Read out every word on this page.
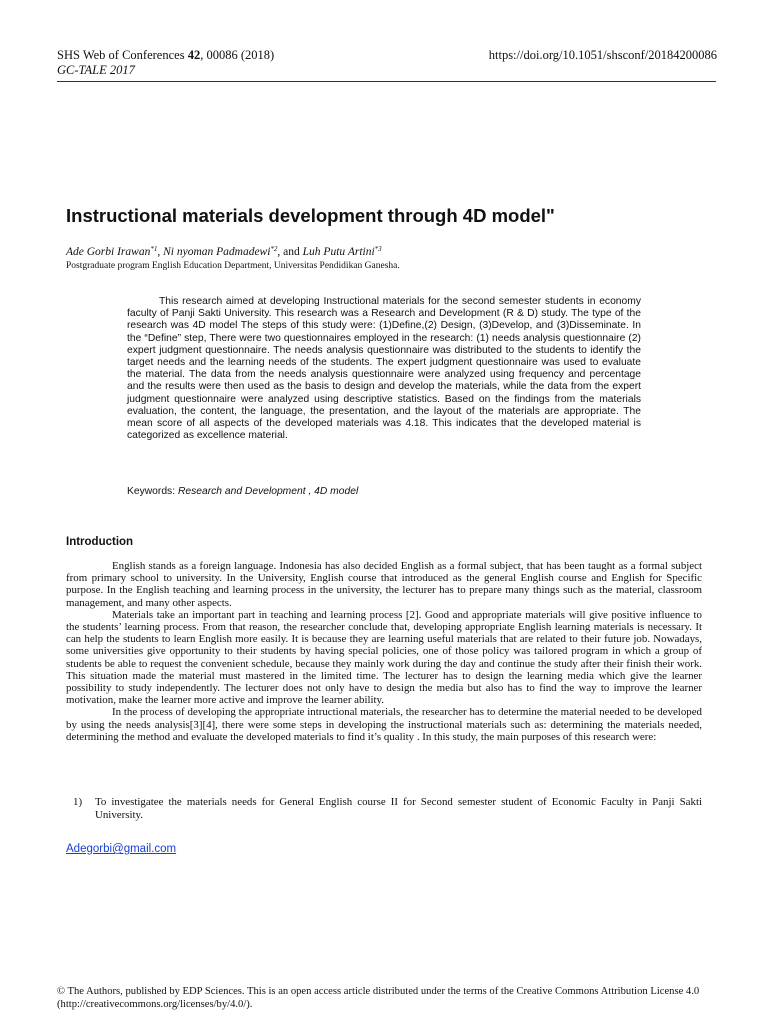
SHS Web of Conferences 42, 00086 (2018)
GC-TALE 2017
https://doi.org/10.1051/shsconf/20184200086
Instructional materials development through 4D model"
Ade Gorbi Irawan$^{*1}$, Ni nyoman Padmadewi$^{*2}$, and Luh Putu Artini$^{*3}$
Postgraduate program English Education Department, Universitas Pendidikan Ganesha.

This research aimed at developing Instructional materials for the second semester students in economy faculty of Panji Sakti University. This research was a Research and Development (R & D) study. The type of the research was 4D model The steps of this study were: (1)Define,(2) Design, (3)Develop, and (3)Disseminate. In the “Define” step, There were two questionnaires employed in the research: (1) needs analysis questionnaire (2) expert judgment questionnaire. The needs analysis questionnaire was distributed to the students to identify the target needs and the learning needs of the students. The expert judgment questionnaire was used to evaluate the material. The data from the needs analysis questionnaire were analyzed using frequency and percentage and the results were then used as the basis to design and develop the materials, while the data from the expert judgment questionnaire were analyzed using descriptive statistics. Based on the findings from the materials evaluation, the content, the language, the presentation, and the layout of the materials are appropriate. The mean score of all aspects of the developed materials was 4.18. This indicates that the developed material is categorized as excellence material.

Keywords: Research and Development , 4D model
Introduction

English stands as a foreign language. Indonesia has also decided English as a formal subject, that has been taught as a formal subject from primary school to university. In the University, English course that introduced as the general English course and English for Specific purpose. In the English teaching and learning process in the university, the lecturer has to prepare many things such as the material, classroom management, and many other aspects.

Materials take an important part in teaching and learning process [2]. Good and appropriate materials will give positive influence to the students’ learning process. From that reason, the researcher conclude that, developing appropriate English learning materials is necessary. It can help the students to learn English more easily. It is because they are learning useful materials that are related to their future job. Nowadays, some universities give opportunity to their students by having special policies, one of those policy was tailored program in which a group of students be able to request the convenient schedule, because they mainly work during the day and continue the study after their finish their work. This situation made the material must mastered in the limited time. The lecturer has to design the learning media which give the learner possibility to study independently. The lecturer does not only have to design the media but also has to find the way to improve the learner motivation, make the learner more active and improve the learner ability.

In the process of developing the appropriate intructional materials, the researcher has to determine the material needed to be developed by using the needs analysis[3][4], there were some steps in developing the instructional materials such as: determining the materials needed, determining the method and evaluate the developed materials to find it’s quality . In this study, the main purposes of this research were:

1) To investigatee the materials needs for General English course II for Second semester student of Economic Faculty in Panji Sakti University.
Adegorbi@gmail.com
© The Authors, published by EDP Sciences. This is an open access article distributed under the terms of the Creative Commons Attribution License 4.0 (http://creativecommons.org/licenses/by/4.0/).
